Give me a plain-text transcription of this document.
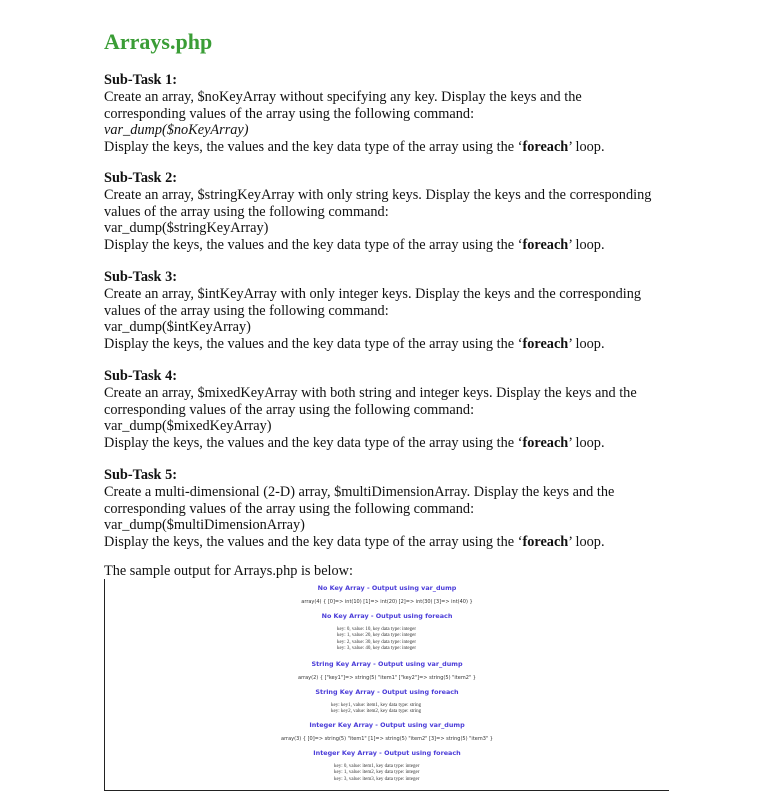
Arrays.php
Sub-Task 1:

Create an array, $noKeyArray without specifying any key. Display the keys and the

corresponding values of the array using the following command:

var_dump($noKeyArray)

Display the keys, the values and the key data type of the array using the ‘foreach’ loop.

Sub-Task 2:

Create an array, $stringKeyArray with only string keys. Display the keys and the corresponding

values of the array using the following command:

var_dump($stringKeyArray)

Display the keys, the values and the key data type of the array using the ‘foreach’ loop.

Sub-Task 3:

Create an array, $intKeyArray with only integer keys. Display the keys and the corresponding

values of the array using the following command:

var_dump($intKeyArray)

Display the keys, the values and the key data type of the array using the ‘foreach’ loop.

Sub-Task 4:

Create an array, $mixedKeyArray with both string and integer keys. Display the keys and the

corresponding values of the array using the following command:

var_dump($mixedKeyArray)

Display the keys, the values and the key data type of the array using the ‘foreach’ loop.

Sub-Task 5:

Create a multi-dimensional (2-D) array, $multiDimensionArray. Display the keys and the

corresponding values of the array using the following command:

var_dump($multiDimensionArray)

Display the keys, the values and the key data type of the array using the ‘foreach’ loop.

The sample output for Arrays.php is below:
No Key Array - Output using var_dump
array(4) { [0]=> int(10) [1]=> int(20) [2]=> int(30) [3]=> int(40) }
No Key Array - Output using foreach
key: 0, value: 10, key data type: integer
key: 1, value: 20, key data type: integer
key: 2, value: 30, key data type: integer
key: 3, value: 40, key data type: integer
String Key Array - Output using var_dump
array(2) { ["key1"]=> string(5) "item1" ["key2"]=> string(5) "item2" }
String Key Array - Output using foreach
key: key1, value: item1, key data type: string
key: key2, value: item2, key data type: string
Integer Key Array - Output using var_dump
array(3) { [0]=> string(5) "item1" [1]=> string(5) "item2" [3]=> string(5) "item3" }
Integer Key Array - Output using foreach
key: 0, value: item1, key data type: integer
key: 1, value: item2, key data type: integer
key: 3, value: item3, key data type: integer
